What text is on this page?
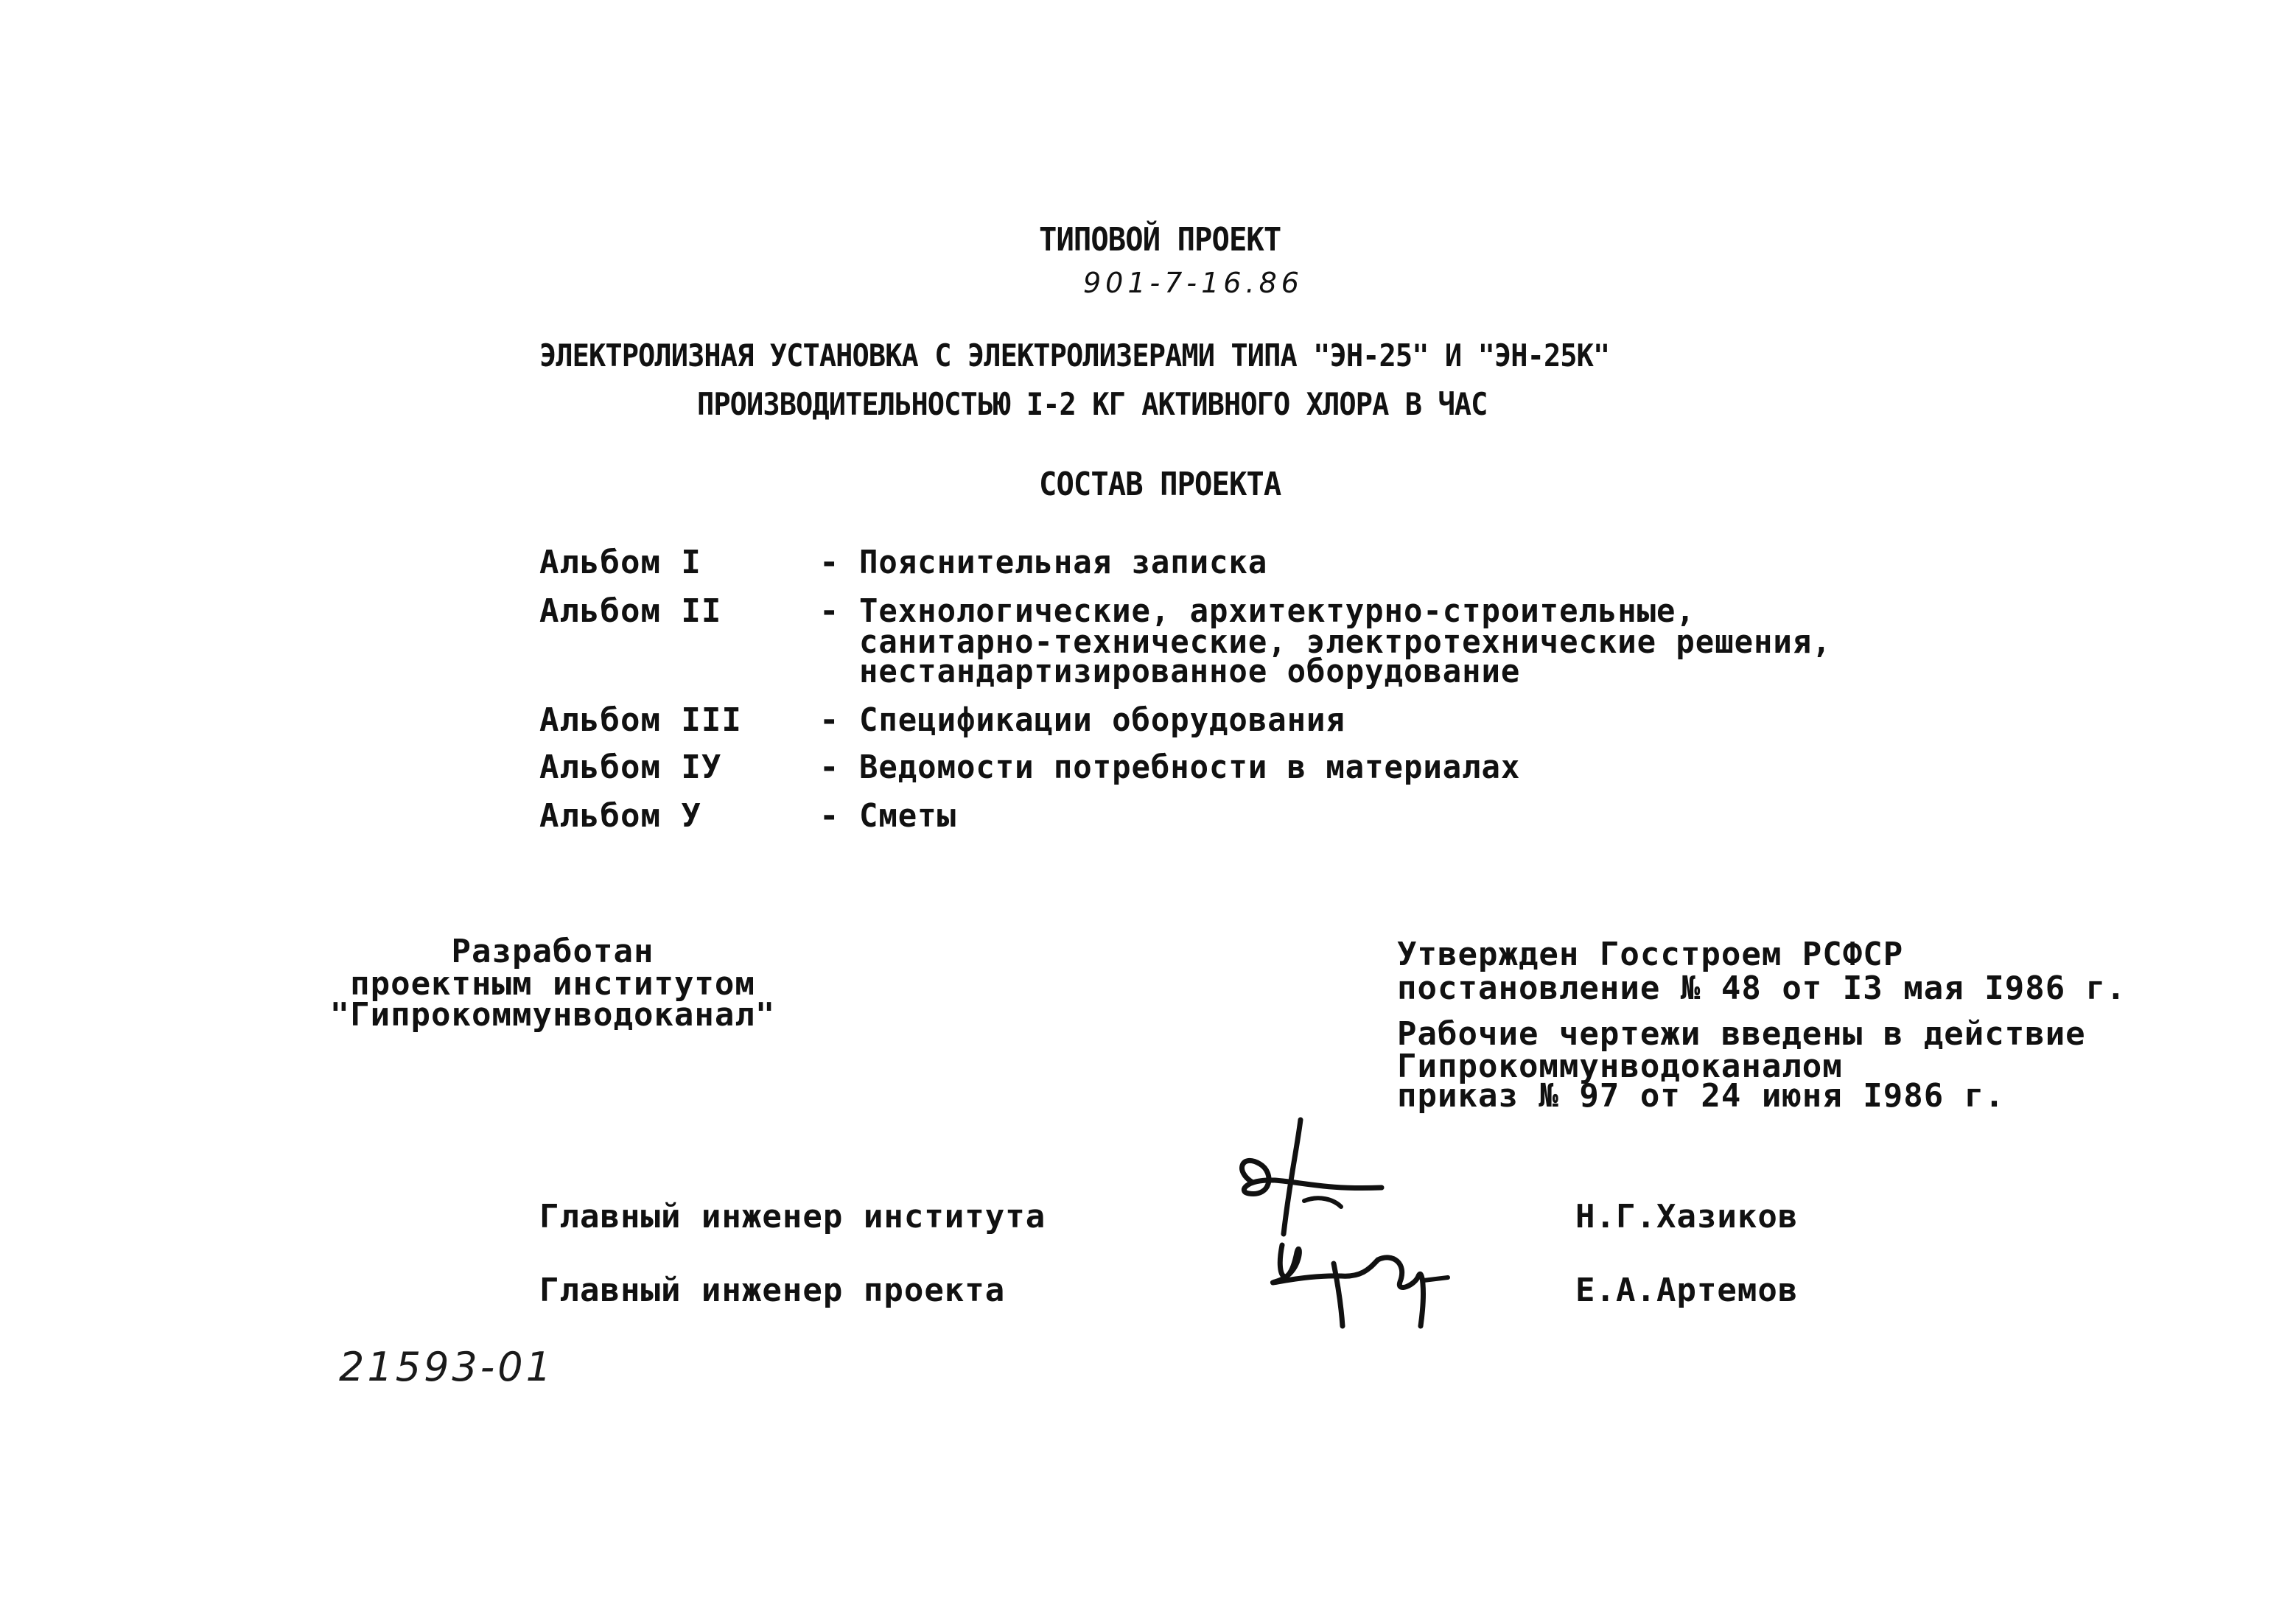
ТИПОВОЙ ПРОЕКТ
901-7-16.86
ЭЛЕКТРОЛИЗНАЯ УСТАНОВКА С ЭЛЕКТРОЛИЗЕРАМИ ТИПА "ЭН-25" И "ЭН-25К"
ПРОИЗВОДИТЕЛЬНОСТЬЮ I-2 КГ АКТИВНОГО ХЛОРА В ЧАС
СОСТАВ ПРОЕКТА
Альбом I	- Пояснительная записка
Альбом II	- Технологические, архитектурно-строительные,
санитарно-технические, электротехнические решения,
нестандартизированное оборудование
Альбом III - Спецификации оборудования
Альбом IУ	- Ведомости потребности в материалах
Альбом У	- Сметы
Разработан
проектным институтом
"Гипрокоммунводоканал"
Утвержден Госстроем РСФСР
постановление № 48 от I3 мая I986 г.
Рабочие чертежи введены в действие
Гипрокоммунводоканалом
приказ № 97 от 24 июня I986 г.
Главный инженер института	Н.Г.Хазиков
Главный инженер проекта	Е.А.Артемов
21593-01
